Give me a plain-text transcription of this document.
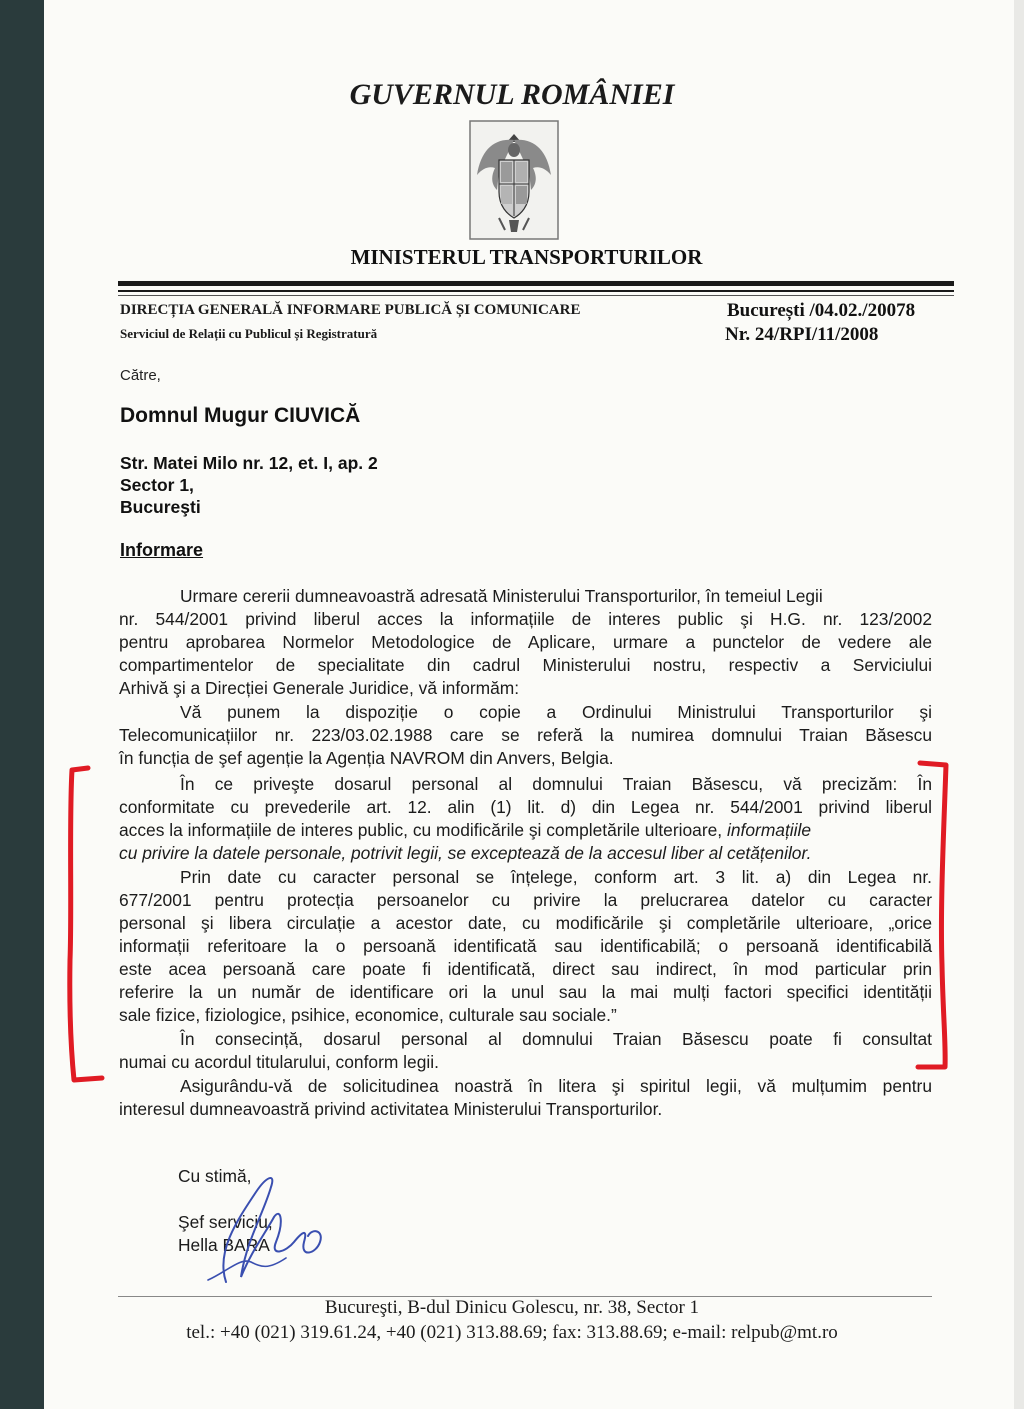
GUVERNUL ROMÂNIEI
MINISTERUL TRANSPORTURILOR
DIRECȚIA GENERALĂ INFORMARE PUBLICĂ ȘI COMUNICARE
Serviciul de Relații cu Publicul și Registratură
București /04.02./20078
Nr. 24/RPI/11/2008
Către,
Domnul Mugur CIUVICĂ
Str. Matei Milo nr. 12, et. I, ap. 2
Sector 1,
Bucureşti
Informare
Urmare cererii dumneavoastră adresată Ministerului Transporturilor, în temeiul Legii
nr. 544/2001 privind liberul acces la informațiile de interes public şi H.G. nr. 123/2002
pentru aprobarea Normelor Metodologice de Aplicare, urmare a punctelor de vedere ale
compartimentelor de specialitate din cadrul Ministerului nostru, respectiv a Serviciului
Arhivă şi a Direcției Generale Juridice, vă informăm:
Vă punem la dispoziție o copie a Ordinului Ministrului Transporturilor şi
Telecomunicațiilor nr. 223/03.02.1988 care se referă la numirea domnului Traian Băsescu
în funcția de şef agenție la Agenția NAVROM din Anvers, Belgia.
În ce priveşte dosarul personal al domnului Traian Băsescu, vă precizăm: În
conformitate cu prevederile art. 12. alin (1) lit. d) din Legea nr. 544/2001 privind liberul
acces la informațiile de interes public, cu modificările şi completările ulterioare, informațiile
cu privire la datele personale, potrivit legii, se exceptează de la accesul liber al cetățenilor.
Prin date cu caracter personal se înțelege, conform art. 3 lit. a) din Legea nr.
677/2001 pentru protecția persoanelor cu privire la prelucrarea datelor cu caracter
personal şi libera circulație a acestor date, cu modificările şi completările ulterioare, „orice
informații referitoare la o persoană identificată sau identificabilă; o persoană identificabilă
este acea persoană care poate fi identificată, direct sau indirect, în mod particular prin
referire la un număr de identificare ori la unul sau la mai mulți factori specifici identității
sale fizice, fiziologice, psihice, economice, culturale sau sociale.”
În consecință, dosarul personal al domnului Traian Băsescu poate fi consultat
numai cu acordul titularului, conform legii.
Asigurându-vă de solicitudinea noastră în litera şi spiritul legii, vă mulțumim pentru
interesul dumneavoastră privind activitatea Ministerului Transporturilor.
Cu stimă,
Şef serviciu,
Hella BARA
Bucureşti, B-dul Dinicu Golescu, nr. 38, Sector 1
tel.: +40 (021) 319.61.24, +40 (021) 313.88.69; fax: 313.88.69; e-mail: relpub@mt.ro
